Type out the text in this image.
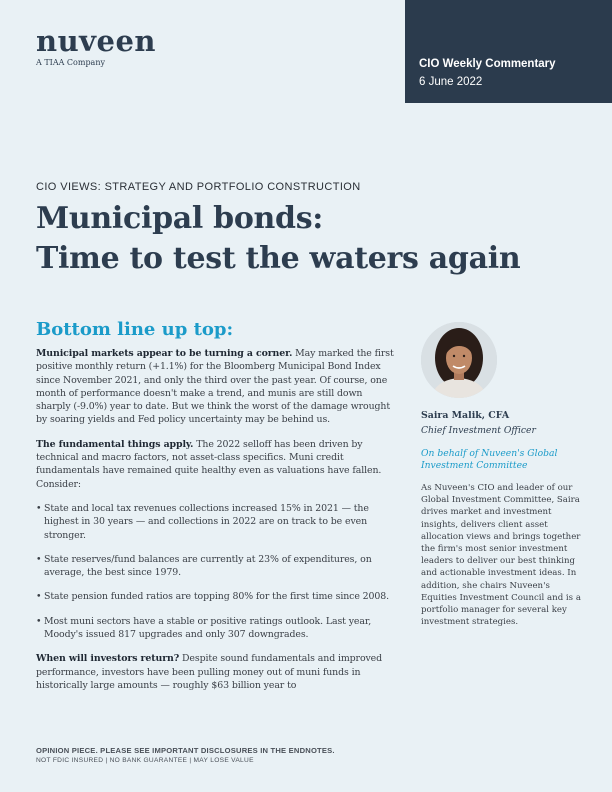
nuveen
A TIAA Company	CIO Weekly Commentary
6 June 2022
CIO VIEWS: STRATEGY AND PORTFOLIO CONSTRUCTION
Municipal bonds:
Time to test the waters again
Bottom line up top:

Municipal markets appear to be turning a corner. May marked the first positive monthly return (+1.1%) for the Bloomberg Municipal Bond Index since November 2021, and only the third over the past year. Of course, one month of performance doesn't make a trend, and munis are still down sharply (-9.0%) year to date. But we think the worst of the damage wrought by soaring yields and Fed policy uncertainty may be behind us.

The fundamental things apply. The 2022 selloff has been driven by technical and macro factors, not asset-class specifics. Muni credit fundamentals have remained quite healthy even as valuations have fallen. Consider:

• State and local tax revenues collections increased 15% in 2021 — the highest in 30 years — and collections in 2022 are on track to be even stronger.
• State reserves/fund balances are currently at 23% of expenditures, on average, the best since 1979.
• State pension funded ratios are topping 80% for the first time since 2008.
• Most muni sectors have a stable or positive ratings outlook. Last year, Moody's issued 817 upgrades and only 307 downgrades.

When will investors return? Despite sound fundamentals and improved performance, investors have been pulling money out of muni funds in historically large amounts — roughly $63 billion year to

Saira Malik, CFA
Chief Investment Officer
On behalf of Nuveen's Global Investment Committee
As Nuveen's CIO and leader of our Global Investment Committee, Saira drives market and investment insights, delivers client asset allocation views and brings together the firm's most senior investment leaders to deliver our best thinking and actionable investment ideas. In addition, she chairs Nuveen's Equities Investment Council and is a portfolio manager for several key investment strategies.
OPINION PIECE. PLEASE SEE IMPORTANT DISCLOSURES IN THE ENDNOTES.
NOT FDIC INSURED | NO BANK GUARANTEE | MAY LOSE VALUE
